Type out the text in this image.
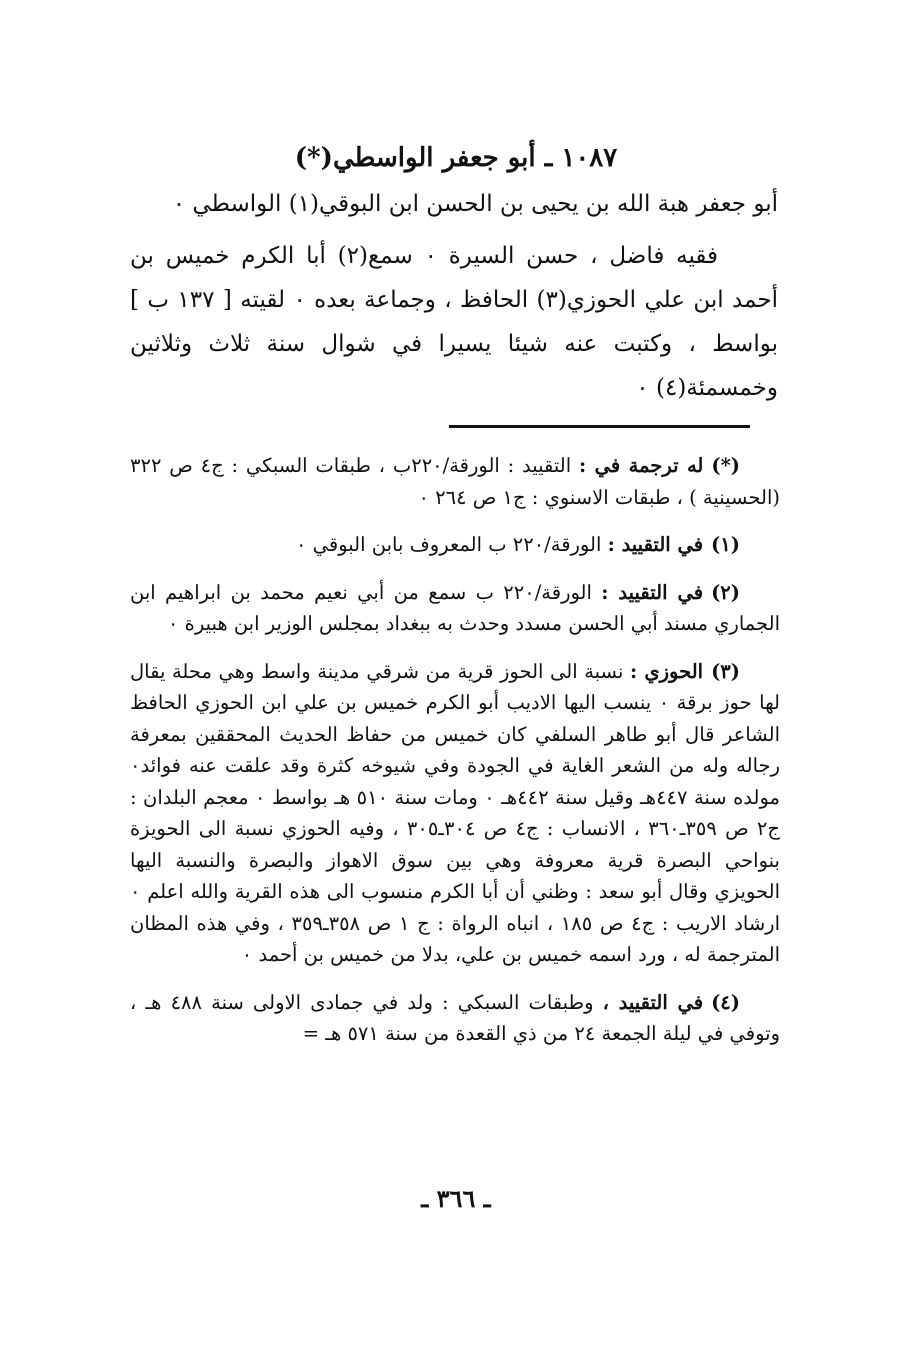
١٠٨٧ ـ أبو جعفر الواسطي(*)

أبو جعفر هبة الله بن يحيى بن الحسن ابن البوقي(١) الواسطي ٠

فقيه فاضل ، حسن السيرة ٠ سمع(٢) أبا الكرم خميس بن أحمد ابن علي الحوزي(٣) الحافظ ، وجماعة بعده ٠ لقيته [ ١٣٧ ب ] بواسط ، وكتبت عنه شيئا يسيرا في شوال سنة ثلاث وثلاثين وخمسمئة(٤) ٠

(*)له ترجمة في : التقييد : الورقة/٢٢٠ب ، طبقات السبكي : ج٤ ص ٣٢٢ (الحسينية ) ، طبقات الاسنوي : ج١ ص ٢٦٤ ٠

(١)في التقييد : الورقة/٢٢٠ ب المعروف بابن البوقي ٠

(٢)في التقييد : الورقة/٢٢٠ ب سمع من أبي نعيم محمد بن ابراهيم ابن الجماري مسند أبي الحسن مسدد وحدث به ببغداد بمجلس الوزير ابن هبيرة ٠

(٣)الحوزي : نسبة الى الحوز قرية من شرقي مدينة واسط وهي محلة يقال لها حوز برقة ٠ ينسب اليها الاديب أبو الكرم خميس بن علي ابن الحوزي الحافظ الشاعر قال أبو طاهر السلفي كان خميس من حفاظ الحديث المحققين بمعرفة رجاله وله من الشعر الغاية في الجودة وفي شيوخه كثرة وقد علقت عنه فوائد٠ مولده سنة ٤٤٧هـ وقيل سنة ٤٤٢هـ ٠ ومات سنة ٥١٠ هـ بواسط ٠ معجم البلدان : ج٢ ص ٣٥٩ـ٣٦٠ ، الانساب : ج٤ ص ٣٠٤ـ٣٠٥ ، وفيه الحوزي نسبة الى الحويزة بنواحي البصرة قرية معروفة وهي بين سوق الاهواز والبصرة والنسبة اليها الحويزي وقال أبو سعد : وظني أن أبا الكرم منسوب الى هذه القرية والله اعلم ٠ ارشاد الاريب : ج٤ ص ١٨٥ ، انباه الرواة : ج ١ ص ٣٥٨ـ٣٥٩ ، وفي هذه المظان المترجمة له ، ورد اسمه خميس بن علي، بدلا من خميس بن أحمد ٠

(٤)في التقييد ، وطبقات السبكي : ولد في جمادى الاولى سنة ٤٨٨ هـ ، وتوفي في ليلة الجمعة ٢٤ من ذي القعدة من سنة ٥٧١ هـ =

ـ ٣٦٦ ـ
